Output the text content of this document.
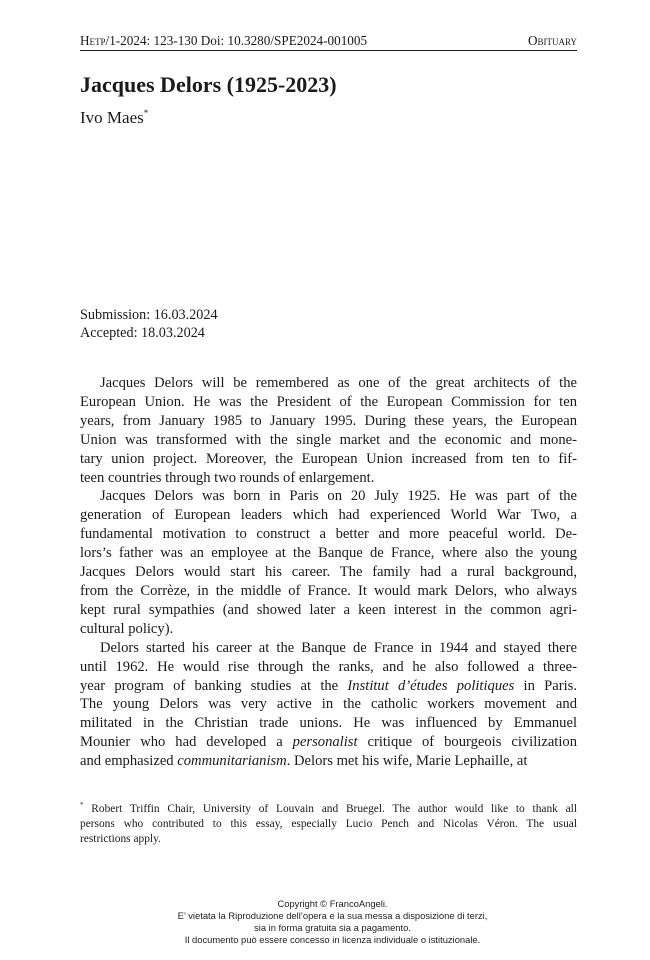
Hetp/1-2024: 123-130 Doi: 10.3280/SPE2024-001005	Obituary
Jacques Delors (1925-2023)
Ivo Maes*
Submission: 16.03.2024
Accepted: 18.03.2024

Jacques Delors will be remembered as one of the great architects of the
European Union. He was the President of the European Commission for ten
years, from January 1985 to January 1995. During these years, the European
Union was transformed with the single market and the economic and mone-
tary union project. Moreover, the European Union increased from ten to fif-
teen countries through two rounds of enlargement.

Jacques Delors was born in Paris on 20 July 1925. He was part of the
generation of European leaders which had experienced World War Two, a
fundamental motivation to construct a better and more peaceful world. De-
lors’s father was an employee at the Banque de France, where also the young
Jacques Delors would start his career. The family had a rural background,
from the Corrèze, in the middle of France. It would mark Delors, who always
kept rural sympathies (and showed later a keen interest in the common agri-
cultural policy).

Delors started his career at the Banque de France in 1944 and stayed there
until 1962. He would rise through the ranks, and he also followed a three-
year program of banking studies at the Institut d’études politiques in Paris.
The young Delors was very active in the catholic workers movement and
militated in the Christian trade unions. He was influenced by Emmanuel
Mounier who had developed a personalist critique of bourgeois civilization
and emphasized communitarianism. Delors met his wife, Marie Lephaille, at

* Robert Triffin Chair, University of Louvain and Bruegel. The author would like to thank all
persons who contributed to this essay, especially Lucio Pench and Nicolas Véron. The usual
restrictions apply.
Copyright © FrancoAngeli.
E’ vietata la Riproduzione dell’opera e la sua messa a disposizione di terzi,
sia in forma gratuita sia a pagamento.
Il documento può essere concesso in licenza individuale o istituzionale.
